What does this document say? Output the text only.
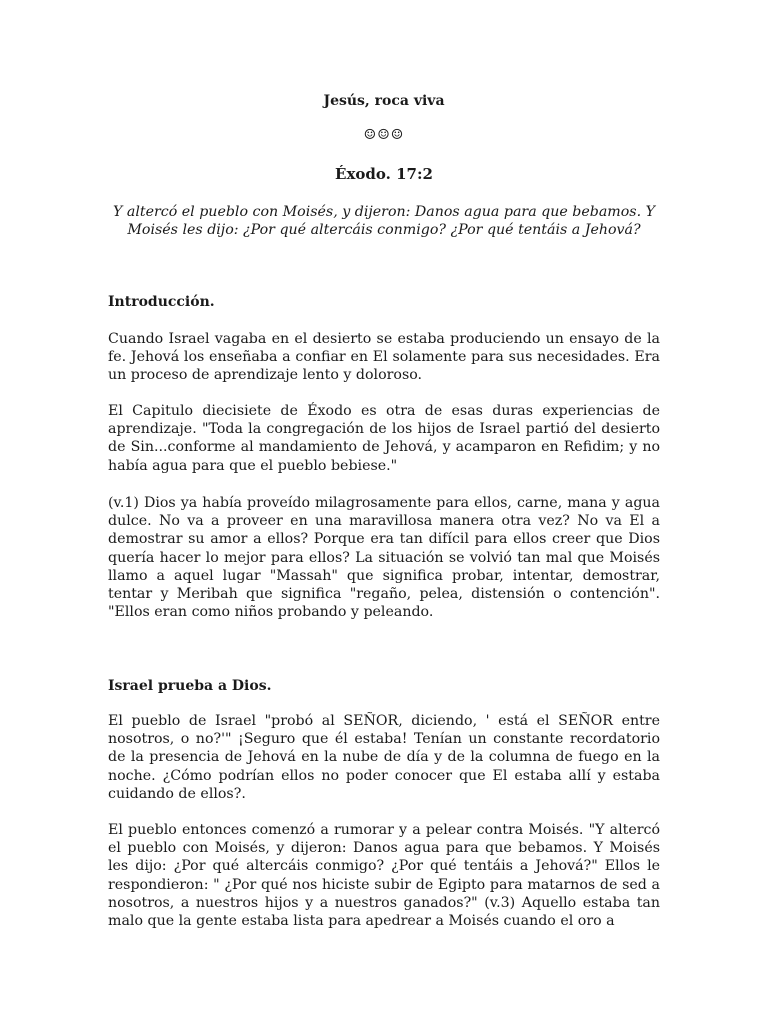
Jesús, roca viva
☺☺☺
Éxodo. 17:2
Y altercó el pueblo con Moisés, y dijeron: Danos agua para que bebamos. Y Moisés les dijo: ¿Por qué altercáis conmigo? ¿Por qué tentáis a Jehová?
Introducción.

Cuando Israel vagaba en el desierto se estaba produciendo un ensayo de la fe. Jehová los enseñaba a confiar en El solamente para sus necesidades. Era un proceso de aprendizaje lento y doloroso.

El Capitulo diecisiete de Éxodo es otra de esas duras experiencias de aprendizaje. "Toda la congregación de los hijos de Israel partió del desierto de Sin...conforme al mandamiento de Jehová, y acamparon en Refidim; y no había agua para que el pueblo bebiese."

(v.1) Dios ya había proveído milagrosamente para ellos, carne, mana y agua dulce. No va a proveer en una maravillosa manera otra vez? No va El a demostrar su amor a ellos? Porque era tan difícil para ellos creer que Dios quería hacer lo mejor para ellos? La situación se volvió tan mal que Moisés llamo a aquel lugar "Massah" que significa probar, intentar, demostrar, tentar y Meribah que significa "regaño, pelea, distensión o contención". "Ellos eran como niños probando y peleando.

Israel prueba a Dios.

El pueblo de Israel "probó al SEÑOR, diciendo, ' está el SEÑOR entre nosotros, o no?'" ¡Seguro que él estaba! Tenían un constante recordatorio de la presencia de Jehová en la nube de día y de la columna de fuego en la noche. ¿Cómo podrían ellos no poder conocer que El estaba allí y estaba cuidando de ellos?.

El pueblo entonces comenzó a rumorar y a pelear contra Moisés. "Y altercó el pueblo con Moisés, y dijeron: Danos agua para que bebamos. Y Moisés les dijo: ¿Por qué altercáis conmigo? ¿Por qué tentáis a Jehová?" Ellos le respondieron: " ¿Por qué nos hiciste subir de Egipto para matarnos de sed a nosotros, a nuestros hijos y a nuestros ganados?" (v.3) Aquello estaba tan malo que la gente estaba lista para apedrear a Moisés cuando el oro a
